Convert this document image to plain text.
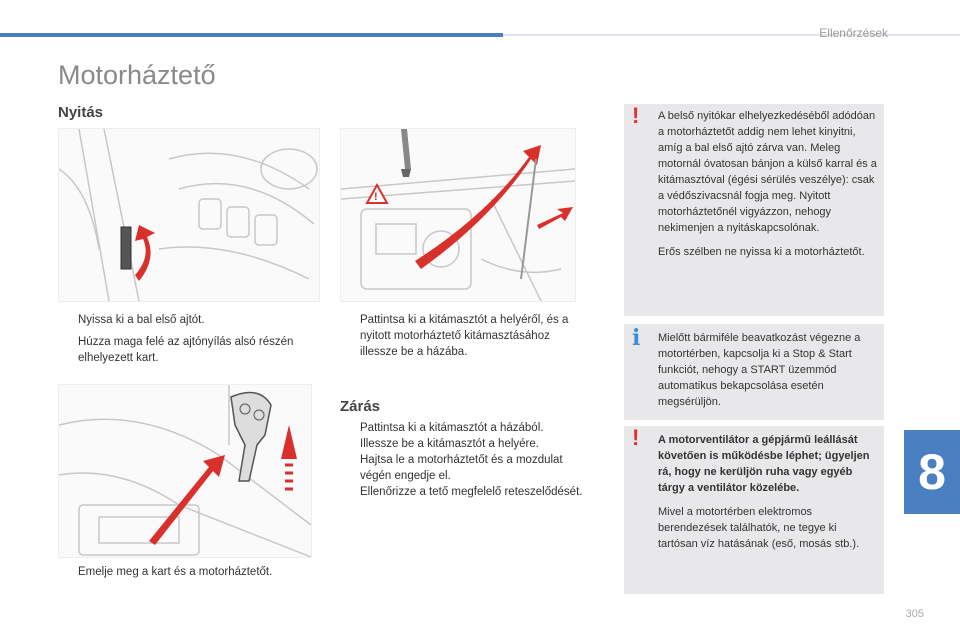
Ellenőrzések
Motorháztető
Nyitás
!
Nyissa ki a bal első ajtót.
Húzza maga felé az ajtónyílás alsó részén elhelyezett kart.
Pattintsa ki a kitámasztót a helyéről, és a nyitott motorháztető kitámasztásához illessze be a házába.
Emelje meg a kart és a motorháztetőt.
Zárás
Pattintsa ki a kitámasztót a házából.
Illessze be a kitámasztót a helyére.
Hajtsa le a motorháztetőt és a mozdulat végén engedje el.
Ellenőrizze a tető megfelelő reteszelődését.
! A belső nyitókar elhelyezkedéséből adódóan a motorháztetőt addig nem lehet kinyitni, amíg a bal első ajtó zárva van. Meleg motornál óvatosan bánjon a külső karral és a kitámasztóval (égési sérülés veszélye): csak a védőszivacsnál fogja meg. Nyitott motorháztetőnél vigyázzon, nehogy nekimenjen a nyitáskapcsolónak.

Erős szélben ne nyissa ki a motorháztetőt.

i Mielőtt bármiféle beavatkozást végezne a motortérben, kapcsolja ki a Stop & Start funkciót, nehogy a START üzemmód automatikus bekapcsolása esetén megsérüljön.

! A motorventilátor a gépjármű leállását követően is működésbe léphet; ügyeljen rá, hogy ne kerüljön ruha vagy egyéb tárgy a ventilátor közelébe.

Mivel a motortérben elektromos berendezések találhatók, ne tegye ki tartósan víz hatásának (eső, mosás stb.).

8
305
